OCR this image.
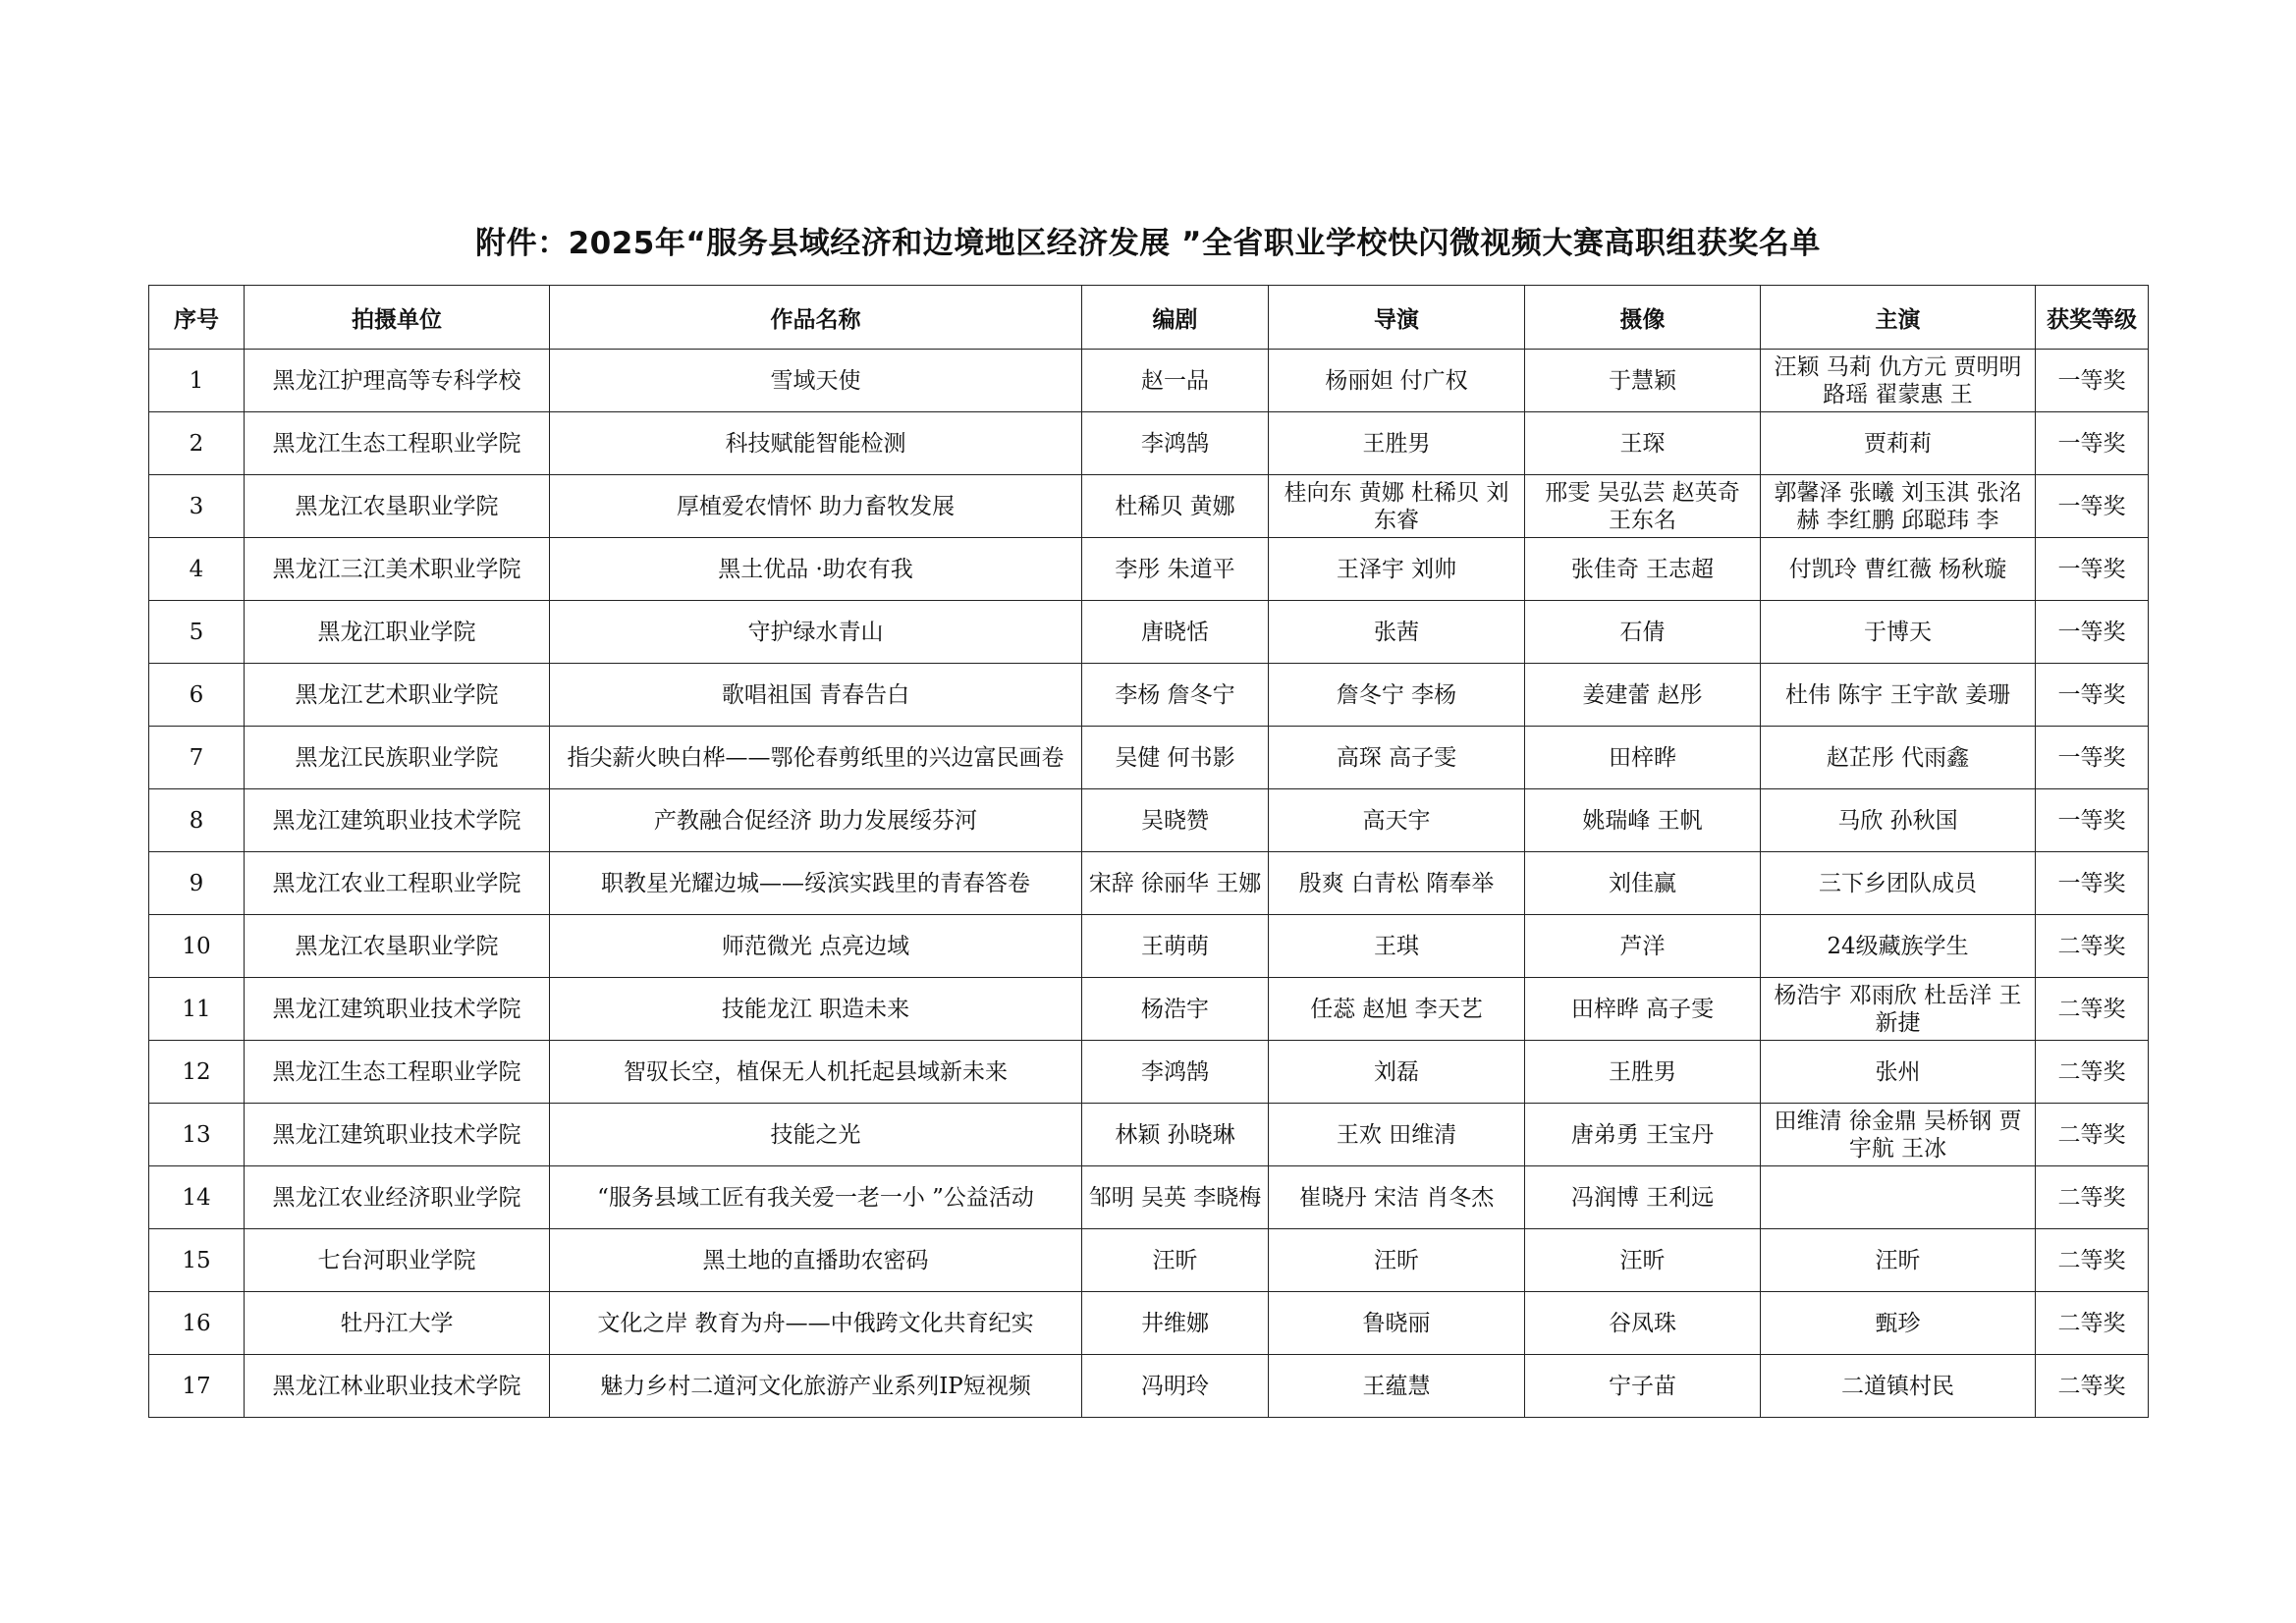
附件：2025年“服务县域经济和边境地区经济发展 ”全省职业学校快闪微视频大赛高职组获奖名单
序号	拍摄单位	作品名称	编剧	导演	摄像	主演	获奖等级
1	黑龙江护理高等专科学校	雪域天使	赵一品	杨丽妲 付广权	于慧颖	汪颖 马莉 仇方元 贾明明 路瑶 翟蒙惠 王	一等奖
2	黑龙江生态工程职业学院	科技赋能智能检测	李鸿鹄	王胜男	王琛	贾莉莉	一等奖
3	黑龙江农垦职业学院	厚植爱农情怀 助力畜牧发展	杜稀贝 黄娜	桂向东 黄娜 杜稀贝 刘东睿	邢雯 吴弘芸 赵英奇 王东名	郭馨泽 张曦 刘玉淇 张洺赫 李红鹏 邱聪玮 李	一等奖
4	黑龙江三江美术职业学院	黑土优品 ·助农有我	李彤 朱道平	王泽宇 刘帅	张佳奇 王志超	付凯玲 曹红薇 杨秋璇	一等奖
5	黑龙江职业学院	守护绿水青山	唐晓恬	张茜	石倩	于博天	一等奖
6	黑龙江艺术职业学院	歌唱祖国 青春告白	李杨 詹冬宁	詹冬宁 李杨	姜建蕾 赵彤	杜伟 陈宇 王宇歆 姜珊	一等奖
7	黑龙江民族职业学院	指尖薪火映白桦——鄂伦春剪纸里的兴边富民画卷	吴健 何书影	高琛 高子雯	田梓晔	赵芷彤 代雨鑫	一等奖
8	黑龙江建筑职业技术学院	产教融合促经济 助力发展绥芬河	吴晓赞	高天宇	姚瑞峰 王帆	马欣 孙秋国	一等奖
9	黑龙江农业工程职业学院	职教星光耀边城——绥滨实践里的青春答卷	宋辞 徐丽华 王娜	殷爽 白青松 隋奉举	刘佳赢	三下乡团队成员	一等奖
10	黑龙江农垦职业学院	师范微光 点亮边域	王萌萌	王琪	芦洋	24级藏族学生	二等奖
11	黑龙江建筑职业技术学院	技能龙江 职造未来	杨浩宇	任蕊 赵旭 李天艺	田梓晔 高子雯	杨浩宇 邓雨欣 杜岳洋 王新捷	二等奖
12	黑龙江生态工程职业学院	智驭长空，植保无人机托起县域新未来	李鸿鹄	刘磊	王胜男	张州	二等奖
13	黑龙江建筑职业技术学院	技能之光	林颖 孙晓琳	王欢 田维清	唐弟勇 王宝丹	田维清 徐金鼎 吴桥钢 贾宇航 王冰	二等奖
14	黑龙江农业经济职业学院	“服务县域工匠有我关爱一老一小 ”公益活动	邹明 吴英 李晓梅	崔晓丹 宋洁 肖冬杰	冯润博 王利远		二等奖
15	七台河职业学院	黑土地的直播助农密码	汪昕	汪昕	汪昕	汪昕	二等奖
16	牡丹江大学	文化之岸 教育为舟——中俄跨文化共育纪实	井维娜	鲁晓丽	谷凤珠	甄珍	二等奖
17	黑龙江林业职业技术学院	魅力乡村二道河文化旅游产业系列IP短视频	冯明玲	王蕴慧	宁子苗	二道镇村民	二等奖
